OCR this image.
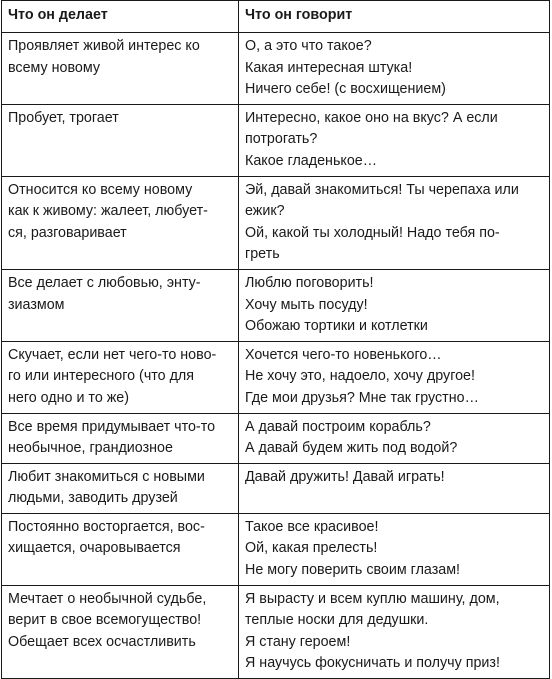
Что он делает	Что он говорит

Проявляет живой интерес ко
всему новому	О, а это что такое?
Какая интересная штука!
Ничего себе! (с восхищением)

Пробует, трогает	Интересно, какое оно на вкус? А если
потрогать?
Какое гладенькое…

Относится ко всему новому
как к живому: жалеет, любует-
ся, разговаривает	Эй, давай знакомиться! Ты черепаха или
ежик?
Ой, какой ты холодный! Надо тебя по-
греть

Все делает с любовью, энту-
зиазмом	Люблю поговорить!
Хочу мыть посуду!
Обожаю тортики и котлетки

Скучает, если нет чего-то ново-
го или интересного (что для
него одно и то же)	Хочется чего-то новенького…
Не хочу это, надоело, хочу другое!
Где мои друзья? Мне так грустно…

Все время придумывает что-то
необычное, грандиозное	А давай построим корабль?
А давай будем жить под водой?

Любит знакомиться с новыми
людьми, заводить друзей	Давай дружить! Давай играть!

Постоянно восторгается, вос-
хищается, очаровывается	Такое все красивое!
Ой, какая прелесть!
Не могу поверить своим глазам!

Мечтает о необычной судьбе,
верит в свое всемогущество!
Обещает всех осчастливить	Я вырасту и всем куплю машину, дом,
теплые носки для дедушки.
Я стану героем!
Я научусь фокусничать и получу приз!
